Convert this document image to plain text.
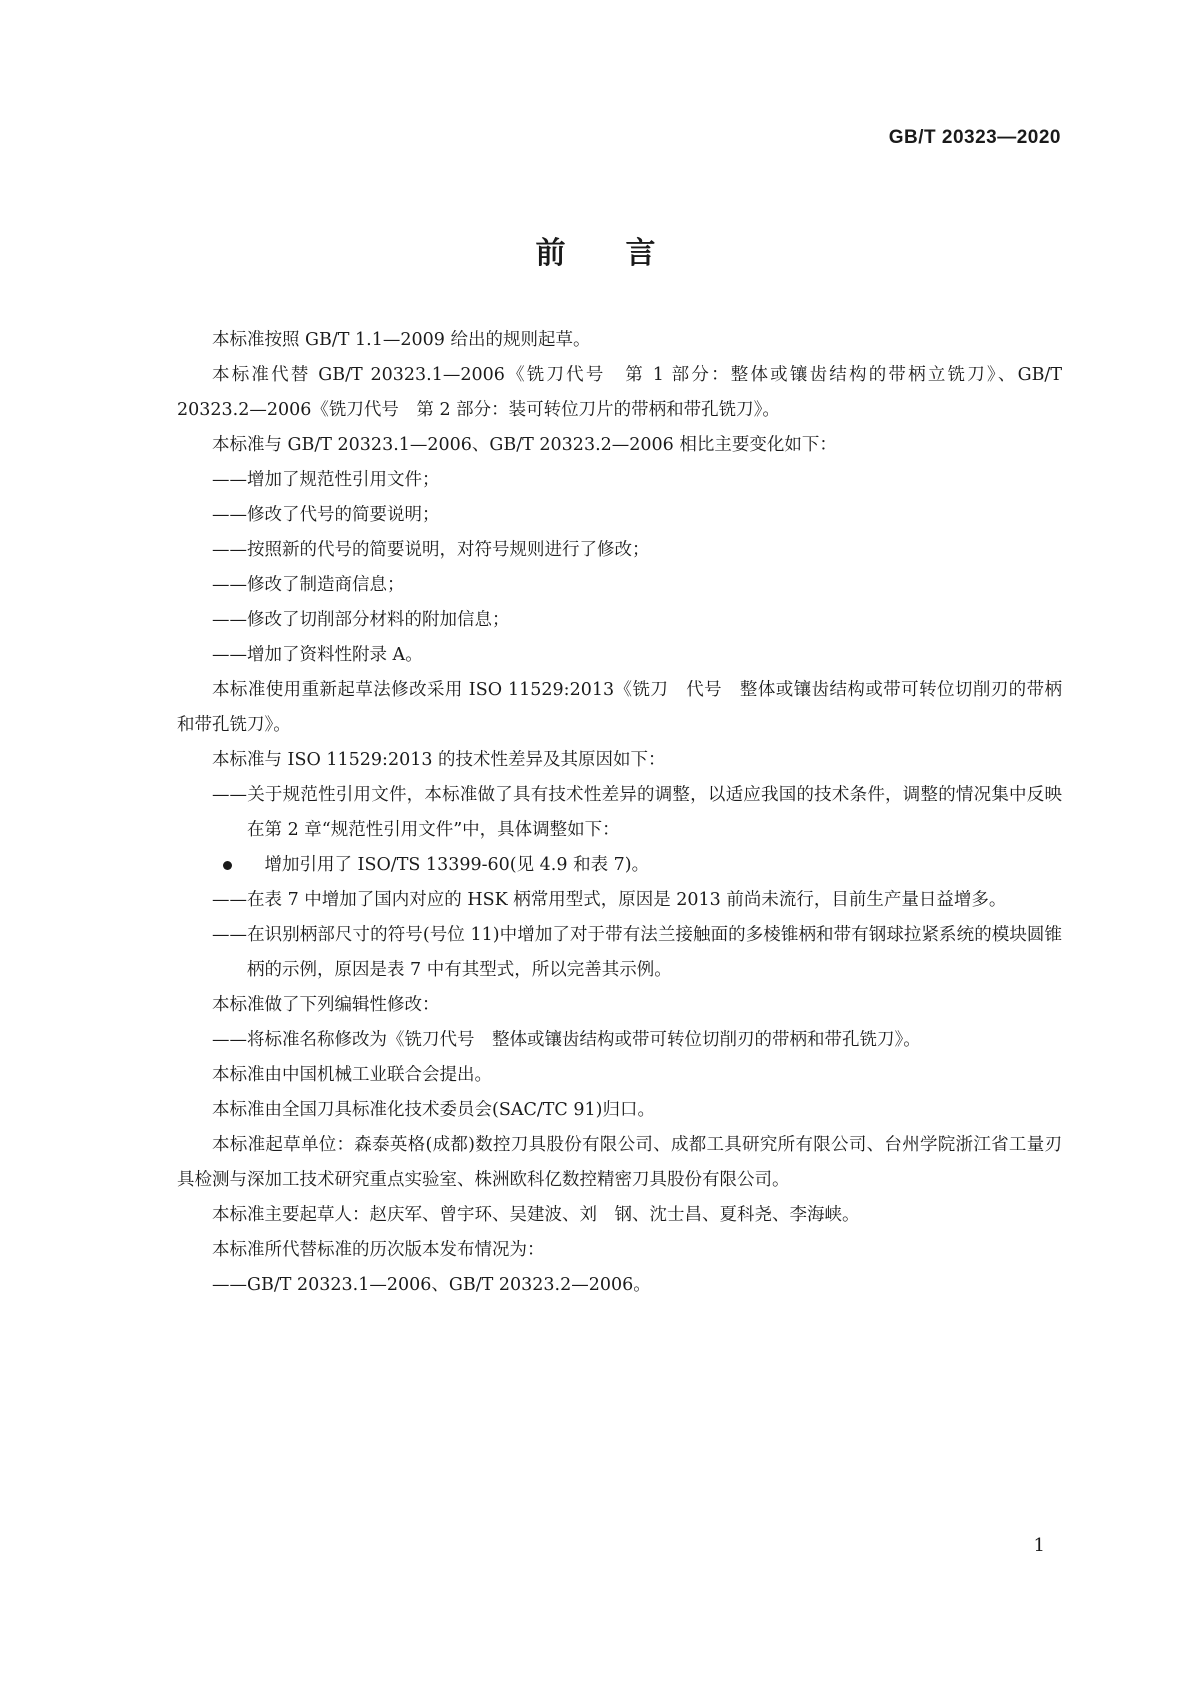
GB/T 20323—2020
前言

本标准按照 GB/T 1.1—2009 给出的规则起草。

本标准代替 GB/T 20323.1—2006《铣刀代号　第 1 部分：整体或镶齿结构的带柄立铣刀》、GB/T 20323.2—2006《铣刀代号　第 2 部分：装可转位刀片的带柄和带孔铣刀》。

本标准与 GB/T 20323.1—2006、GB/T 20323.2—2006 相比主要变化如下：

——增加了规范性引用文件；

——修改了代号的简要说明；

——按照新的代号的简要说明，对符号规则进行了修改；

——修改了制造商信息；

——修改了切削部分材料的附加信息；

——增加了资料性附录 A。

本标准使用重新起草法修改采用 ISO 11529:2013《铣刀　代号　整体或镶齿结构或带可转位切削刃的带柄和带孔铣刀》。

本标准与 ISO 11529:2013 的技术性差异及其原因如下：

——关于规范性引用文件，本标准做了具有技术性差异的调整，以适应我国的技术条件，调整的情况集中反映在第 2 章“规范性引用文件”中，具体调整如下：

增加引用了 ISO/TS 13399-60(见 4.9 和表 7)。

——在表 7 中增加了国内对应的 HSK 柄常用型式，原因是 2013 前尚未流行，目前生产量日益增多。

——在识别柄部尺寸的符号(号位 11)中增加了对于带有法兰接触面的多棱锥柄和带有钢球拉紧系统的模块圆锥柄的示例，原因是表 7 中有其型式，所以完善其示例。

本标准做了下列编辑性修改：

——将标准名称修改为《铣刀代号　整体或镶齿结构或带可转位切削刃的带柄和带孔铣刀》。

本标准由中国机械工业联合会提出。

本标准由全国刀具标准化技术委员会(SAC/TC 91)归口。

本标准起草单位：森泰英格(成都)数控刀具股份有限公司、成都工具研究所有限公司、台州学院浙江省工量刃具检测与深加工技术研究重点实验室、株洲欧科亿数控精密刀具股份有限公司。

本标准主要起草人：赵庆军、曾宇环、吴建波、刘　钢、沈士昌、夏科尧、李海峡。

本标准所代替标准的历次版本发布情况为：

——GB/T 20323.1—2006、GB/T 20323.2—2006。

1
